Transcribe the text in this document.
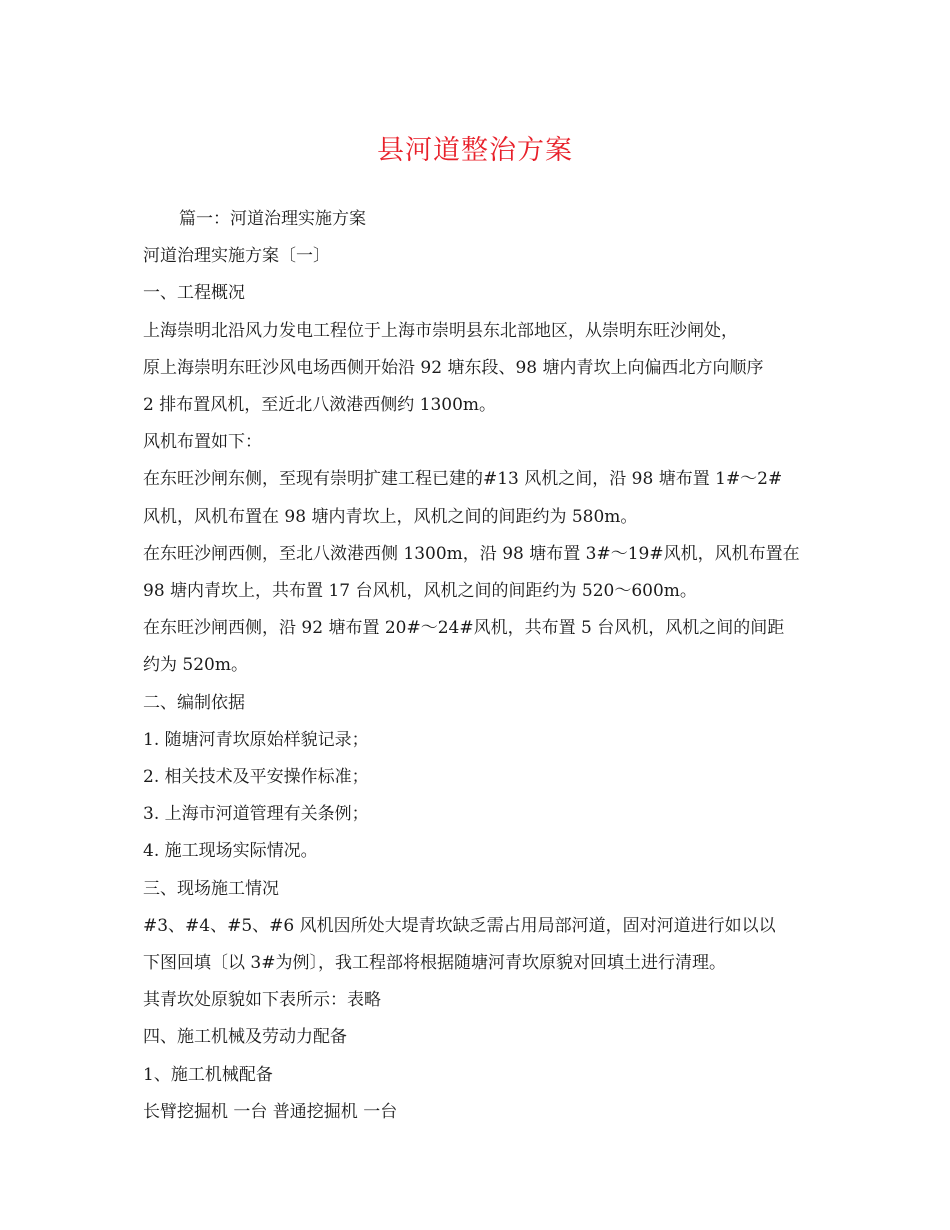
县河道整治方案

篇一：河道治理实施方案

河道治理实施方案〔一〕

一、工程概况

上海崇明北沿风力发电工程位于上海市崇明县东北部地区，从崇明东旺沙闸处，

原上海崇明东旺沙风电场西侧开始沿 92 塘东段、98 塘内青坎上向偏西北方向顺序

2 排布置风机，至近北八滧港西侧约 1300m。

风机布置如下：

在东旺沙闸东侧，至现有崇明扩建工程已建的#13 风机之间，沿 98 塘布置 1#～2#

风机，风机布置在 98 塘内青坎上，风机之间的间距约为 580m。

在东旺沙闸西侧，至北八滧港西侧 1300m，沿 98 塘布置 3#～19#风机，风机布置在

98 塘内青坎上，共布置 17 台风机，风机之间的间距约为 520～600m。

在东旺沙闸西侧，沿 92 塘布置 20#～24#风机，共布置 5 台风机，风机之间的间距

约为 520m。

二、编制依据

1. 随塘河青坎原始样貌记录；

2. 相关技术及平安操作标准；

3. 上海市河道管理有关条例；

4. 施工现场实际情况。

三、现场施工情况

#3、#4、#5、#6 风机因所处大堤青坎缺乏需占用局部河道，固对河道进行如以以

下图回填〔以 3#为例〕，我工程部将根据随塘河青坎原貌对回填土进行清理。

其青坎处原貌如下表所示：表略

四、施工机械及劳动力配备

1、施工机械配备

长臂挖掘机 一台 普通挖掘机 一台
